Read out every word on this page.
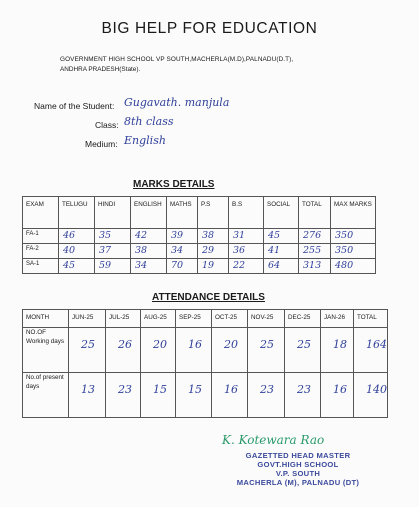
BIG HELP FOR EDUCATION
GOVERNMENT HIGH SCHOOL VP SOUTH,MACHERLA(M.D),PALNADU(D.T),
ANDHRA PRADESH(State).
Name of the Student: Gugavath. manjula
Class: 8th class
Medium: English
MARKS DETAILS
EXAM	TELUGU	HINDI	ENGLISH	MATHS	P.S	B.S	SOCIAL	TOTAL	MAX MARKS
FA-1	46	35	42	39	38	31	45	276	350
FA-2	40	37	38	34	29	36	41	255	350
SA-1	45	59	34	70	19	22	64	313	480
ATTENDANCE DETAILS
MONTH	JUN-25	JUL-25	AUG-25	SEP-25	OCT-25	NOV-25	DEC-25	JAN-26	TOTAL
NO.OF Working days	25	26	20	16	20	25	25	18	164
No.of present days	13	23	15	15	16	23	23	16	140
K. Kotewara Rao
GAZETTED HEAD MASTER
GOVT.HIGH SCHOOL
V.P. SOUTH
MACHERLA (M), PALNADU (DT)
